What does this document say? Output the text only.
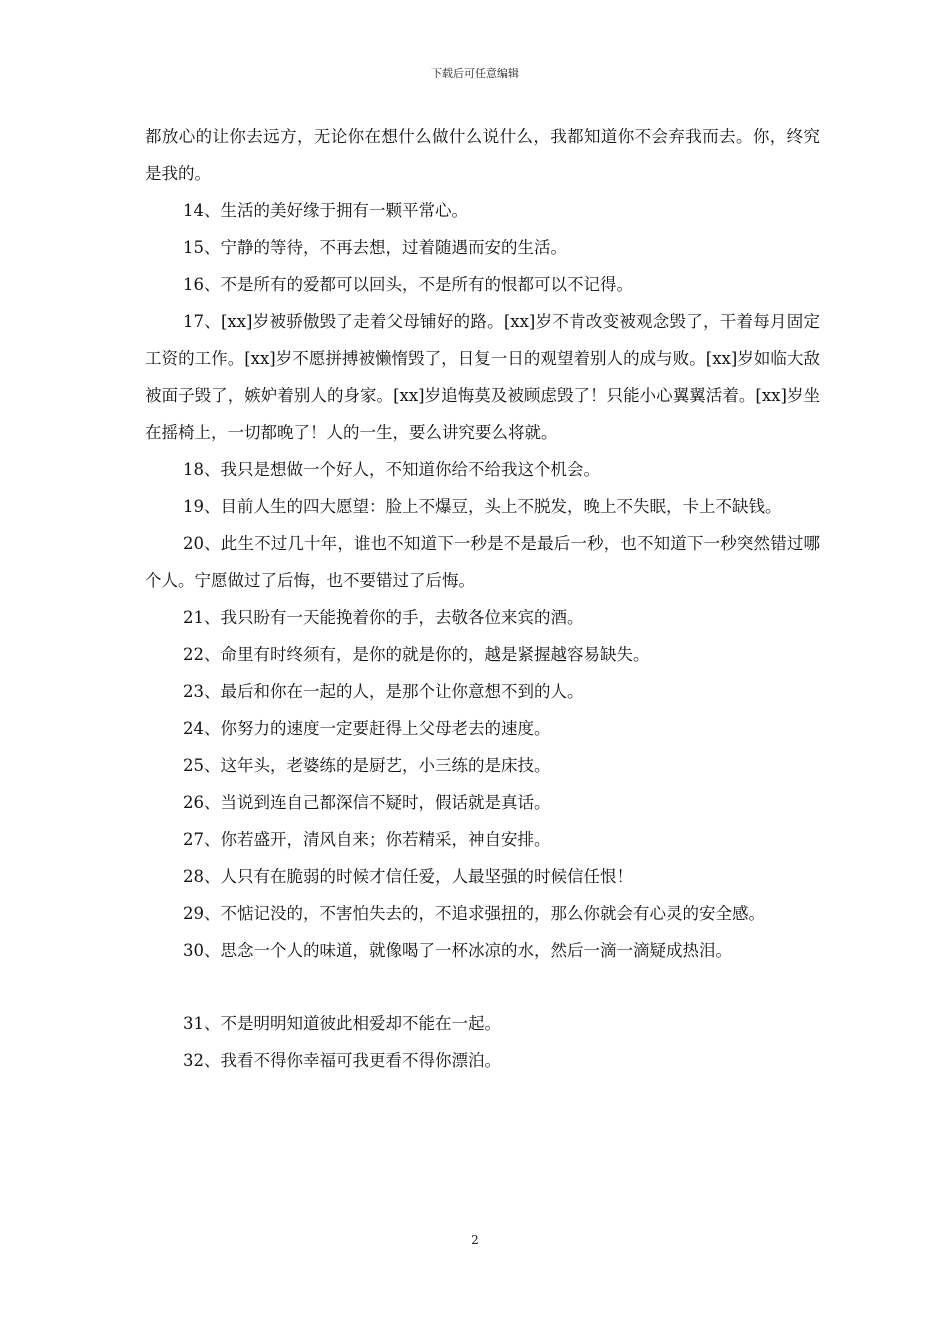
下载后可任意编辑

都放心的让你去远方，无论你在想什么做什么说什么，我都知道你不会弃我而去。你，终究是我的。

14、生活的美好缘于拥有一颗平常心。

15、宁静的等待，不再去想，过着随遇而安的生活。

16、不是所有的爱都可以回头，不是所有的恨都可以不记得。

17、[xx]岁被骄傲毁了走着父母铺好的路。[xx]岁不肯改变被观念毁了，干着每月固定工资的工作。[xx]岁不愿拼搏被懒惰毁了，日复一日的观望着别人的成与败。[xx]岁如临大敌被面子毁了，嫉妒着别人的身家。[xx]岁追悔莫及被顾虑毁了！只能小心翼翼活着。[xx]岁坐在摇椅上，一切都晚了！人的一生，要么讲究要么将就。

18、我只是想做一个好人，不知道你给不给我这个机会。

19、目前人生的四大愿望：脸上不爆豆，头上不脱发，晚上不失眠，卡上不缺钱。

20、此生不过几十年，谁也不知道下一秒是不是最后一秒，也不知道下一秒突然错过哪个人。宁愿做过了后悔，也不要错过了后悔。

21、我只盼有一天能挽着你的手，去敬各位来宾的酒。

22、命里有时终须有，是你的就是你的，越是紧握越容易缺失。

23、最后和你在一起的人，是那个让你意想不到的人。

24、你努力的速度一定要赶得上父母老去的速度。

25、这年头，老婆练的是厨艺，小三练的是床技。

26、当说到连自己都深信不疑时，假话就是真话。

27、你若盛开，清风自来；你若精采，神自安排。

28、人只有在脆弱的时候才信任爱，人最坚强的时候信任恨！

29、不惦记没的，不害怕失去的，不追求强扭的，那么你就会有心灵的安全感。

30、思念一个人的味道，就像喝了一杯冰凉的水，然后一滴一滴疑成热泪。

31、不是明明知道彼此相爱却不能在一起。

32、我看不得你幸福可我更看不得你漂泊。

2
